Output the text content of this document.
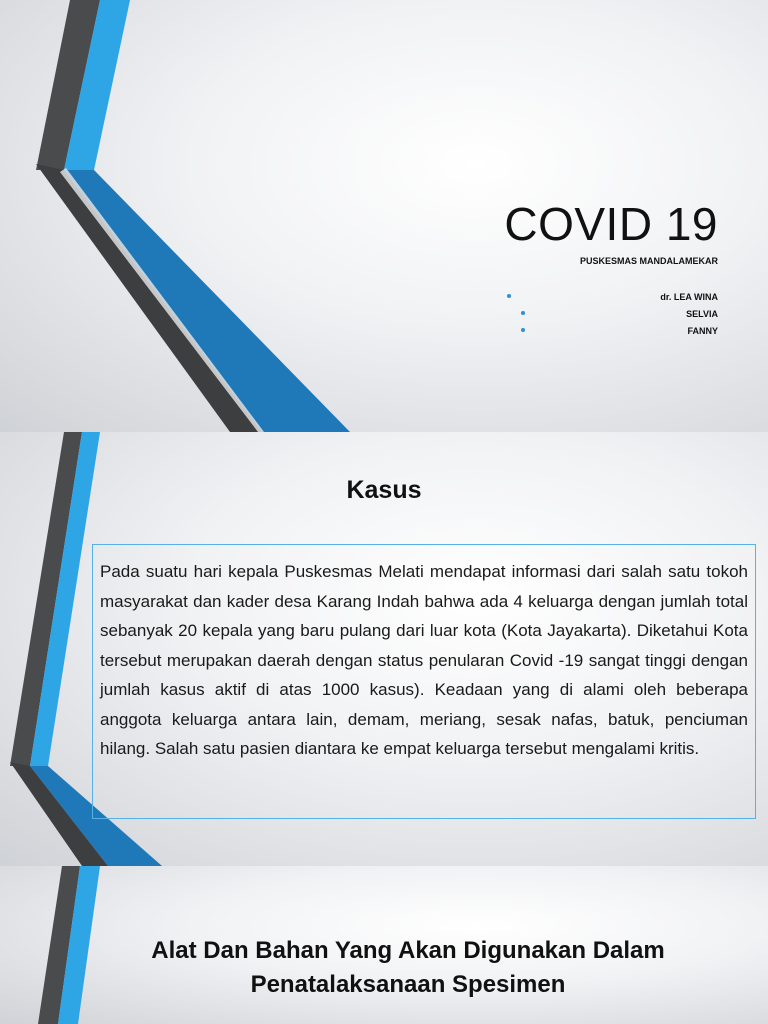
COVID 19
PUSKESMAS MANDALAMEKAR
dr. LEA WINA
SELVIA
FANNY
Kasus
Pada suatu hari kepala Puskesmas Melati mendapat informasi dari salah satu tokoh masyarakat dan kader desa Karang Indah bahwa ada 4 keluarga dengan jumlah total sebanyak 20 kepala yang baru pulang dari luar kota (Kota Jayakarta). Diketahui Kota tersebut merupakan daerah dengan status penularan Covid -19 sangat tinggi dengan jumlah kasus aktif di atas 1000 kasus). Keadaan yang di alami oleh beberapa anggota keluarga antara lain, demam, meriang, sesak nafas, batuk, penciuman hilang. Salah satu pasien diantara ke empat keluarga tersebut mengalami kritis.
Alat Dan Bahan Yang Akan Digunakan Dalam
Penatalaksanaan Spesimen
